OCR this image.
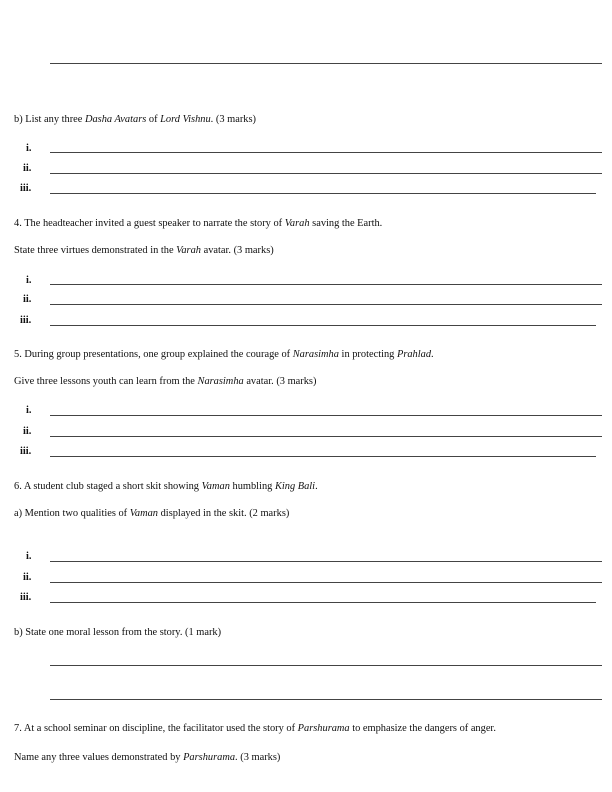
b) List any three Dasha Avatars of Lord Vishnu. (3 marks)
i.
ii.
iii.
4. The headteacher invited a guest speaker to narrate the story of Varah saving the Earth.
State three virtues demonstrated in the Varah avatar. (3 marks)
i.
ii.
iii.
5. During group presentations, one group explained the courage of Narasimha in protecting Prahlad.
Give three lessons youth can learn from the Narasimha avatar. (3 marks)
i.
ii.
iii.
6. A student club staged a short skit showing Vaman humbling King Bali.
a) Mention two qualities of Vaman displayed in the skit. (2 marks)
i.
ii.
iii.
b) State one moral lesson from the story. (1 mark)
7. At a school seminar on discipline, the facilitator used the story of Parshurama to emphasize the dangers of anger.
Name any three values demonstrated by Parshurama. (3 marks)
